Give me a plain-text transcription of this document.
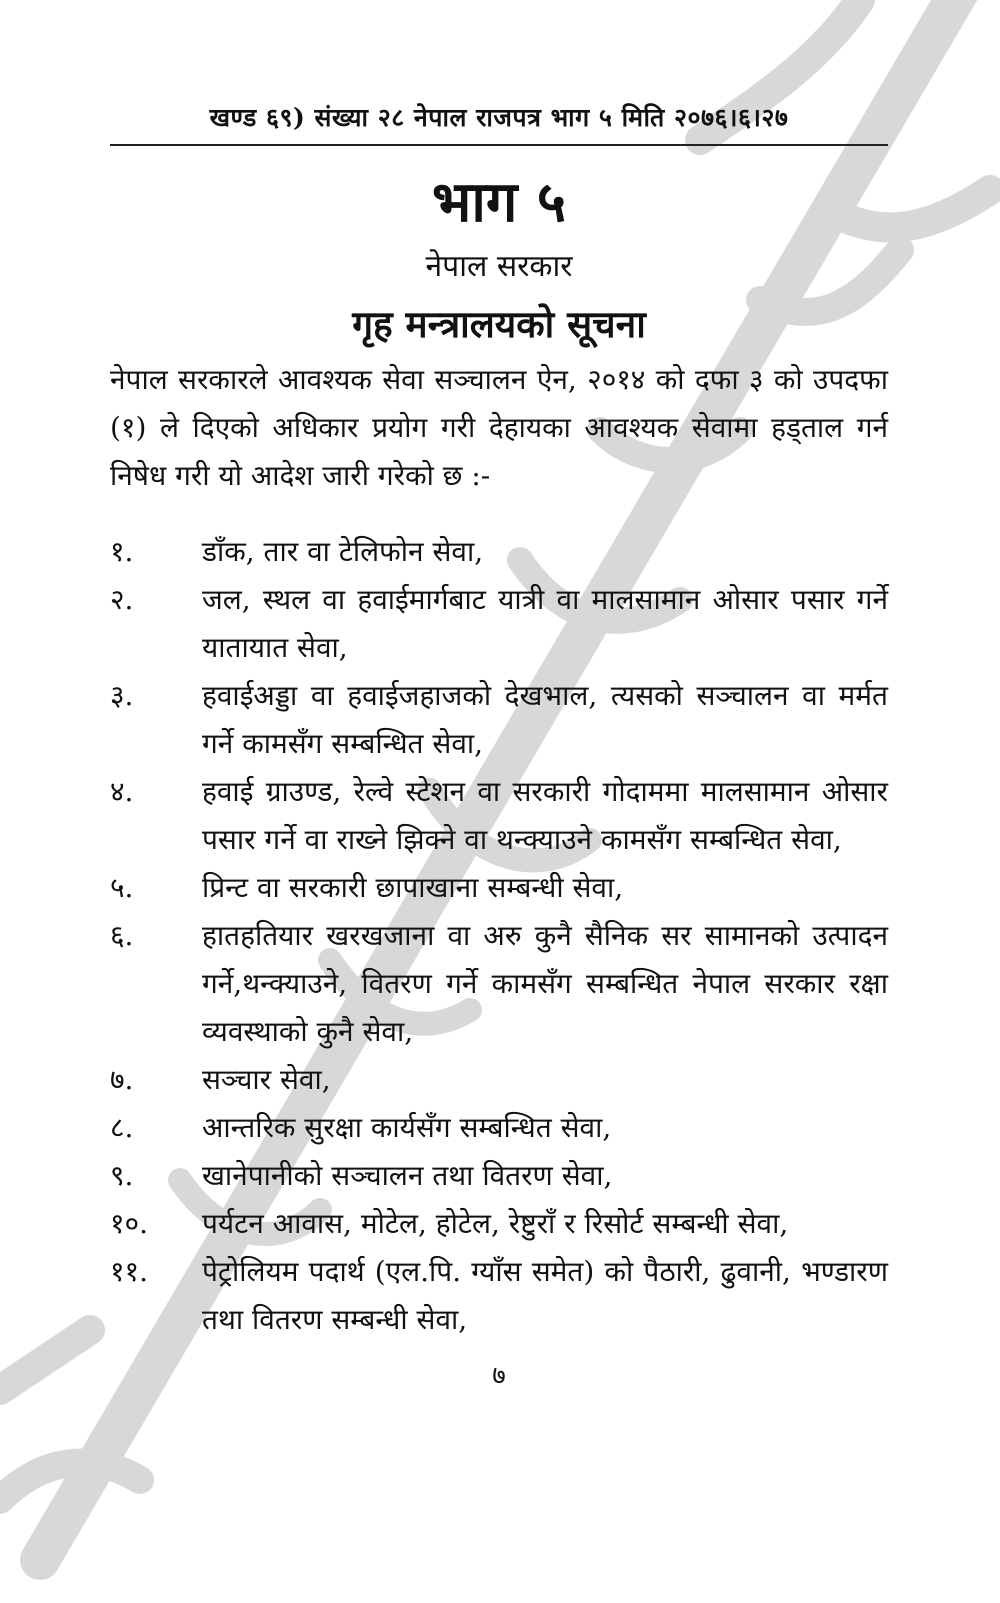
खण्ड ६९) संख्या २८ नेपाल राजपत्र भाग ५ मिति २०७६।६।२७
भाग ५
नेपाल सरकार
गृह मन्त्रालयको सूचना

नेपाल सरकारले आवश्यक सेवा सञ्चालन ऐन, २०१४ को दफा ३ को उपदफा (१) ले दिएको अधिकार प्रयोग गरी देहायका आवश्यक सेवामा हड्ताल गर्न निषेध गरी यो आदेश जारी गरेको छ :-

१.	डाँक, तार वा टेलिफोन सेवा,
२.	जल, स्थल वा हवाईमार्गबाट यात्री वा मालसामान ओसार पसार गर्ने यातायात सेवा,
३.	हवाईअड्डा वा हवाईजहाजको देखभाल, त्यसको सञ्चालन वा मर्मत गर्ने कामसँग सम्बन्धित सेवा,
४.	हवाई ग्राउण्ड, रेल्वे स्टेशन वा सरकारी गोदाममा मालसामान ओसार पसार गर्ने वा राख्ने झिक्ने वा थन्क्याउने कामसँग सम्बन्धित सेवा,
५.	प्रिन्ट वा सरकारी छापाखाना सम्बन्धी सेवा,
६.	हातहतियार खरखजाना वा अरु कुनै सैनिक सर सामानको उत्पादन गर्ने,थन्क्याउने, वितरण गर्ने कामसँग सम्बन्धित नेपाल सरकार रक्षा व्यवस्थाको कुनै सेवा,
७.	सञ्चार सेवा,
८.	आन्तरिक सुरक्षा कार्यसँग सम्बन्धित सेवा,
९.	खानेपानीको सञ्चालन तथा वितरण सेवा,
१०.	पर्यटन आवास, मोटेल, होटेल, रेष्टुराँ र रिसोर्ट सम्बन्धी सेवा,
११.	पेट्रोलियम पदार्थ (एल.पि. ग्याँस समेत) को पैठारी, ढुवानी, भण्डारण तथा वितरण सम्बन्धी सेवा,
७
